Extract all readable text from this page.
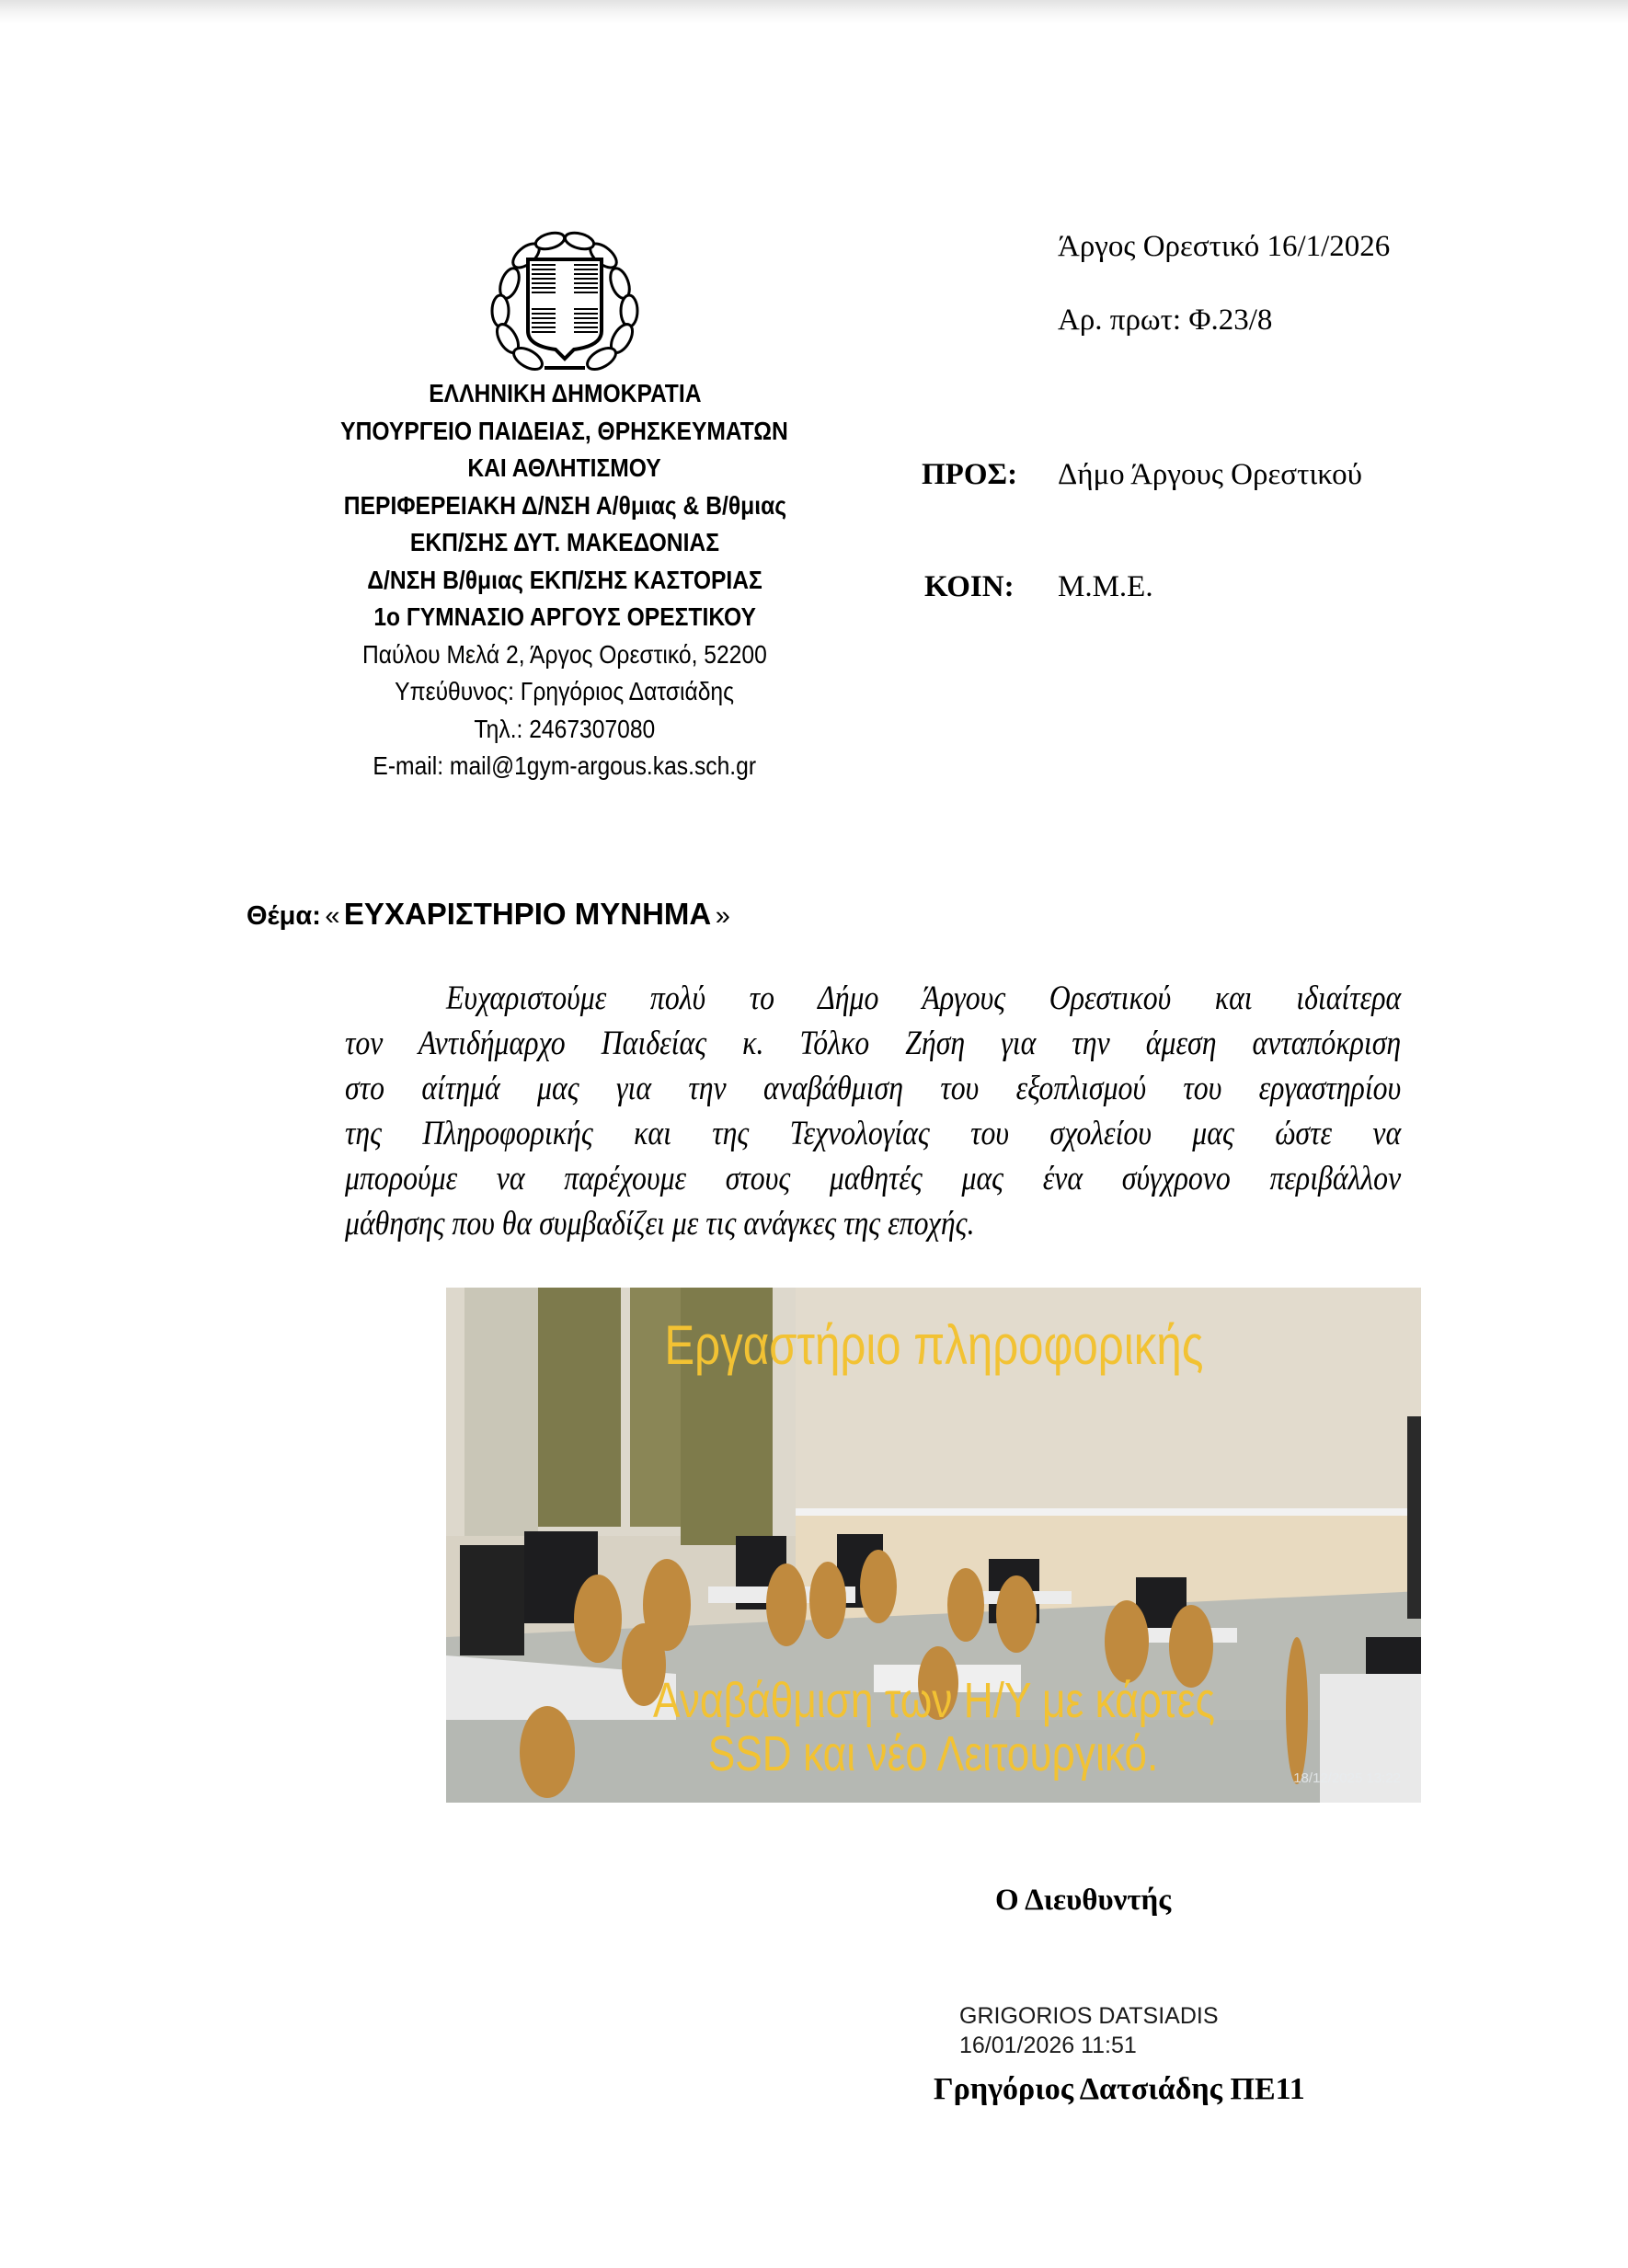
ΕΛΛΗΝΙΚΗ ΔΗΜΟΚΡΑΤΙΑ
ΥΠΟΥΡΓΕΙΟ ΠΑΙΔΕΙΑΣ, ΘΡΗΣΚΕΥΜΑΤΩΝ
ΚΑΙ ΑΘΛΗΤΙΣΜΟΥ
ΠΕΡΙΦΕΡΕΙΑΚΗ Δ/ΝΣΗ Α/θμιας & Β/θμιας
ΕΚΠ/ΣΗΣ ΔΥΤ. ΜΑΚΕΔΟΝΙΑΣ
Δ/ΝΣΗ Β/θμιας ΕΚΠ/ΣΗΣ ΚΑΣΤΟΡΙΑΣ
1ο ΓΥΜΝΑΣΙΟ ΑΡΓΟΥΣ ΟΡΕΣΤΙΚΟΥ
Παύλου Μελά 2, Άργος Ορεστικό, 52200
Υπεύθυνος: Γρηγόριος Δατσιάδης
Τηλ.: 2467307080
E-mail: mail@1gym-argous.kas.sch.gr
Άργος Ορεστικό 16/1/2026
Αρ. πρωτ: Φ.23/8
ΠΡΟΣ: Δήμο Άργους Ορεστικού
ΚΟΙΝ: Μ.Μ.Ε.
Θέμα: « ΕΥΧΑΡΙΣΤΗΡΙΟ ΜΥΝΗΜΑ »
Ευχαριστούμε πολύ το Δήμο Άργους Ορεστικού και ιδιαίτερα
τον Αντιδήμαρχο Παιδείας κ. Τόλκο Ζήση για την άμεση ανταπόκριση
στο αίτημά μας για την αναβάθμιση του εξοπλισμού του εργαστηρίου
της Πληροφορικής και της Τεχνολογίας του σχολείου μας ώστε να
μπορούμε να παρέχουμε στους μαθητές μας ένα σύγχρονο περιβάλλον
μάθησης που θα συμβαδίζει με τις ανάγκες της εποχής.
Εργαστήριο πληροφορικής
Αναβάθμιση των Η/Υ με κάρτες
SSD και νέο Λειτουργικό.	18/12/2025 13:22
Ο Διευθυντής
GRIGORIOS DATSIADIS
16/01/2026 11:51
Γρηγόριος Δατσιάδης ΠΕ11
